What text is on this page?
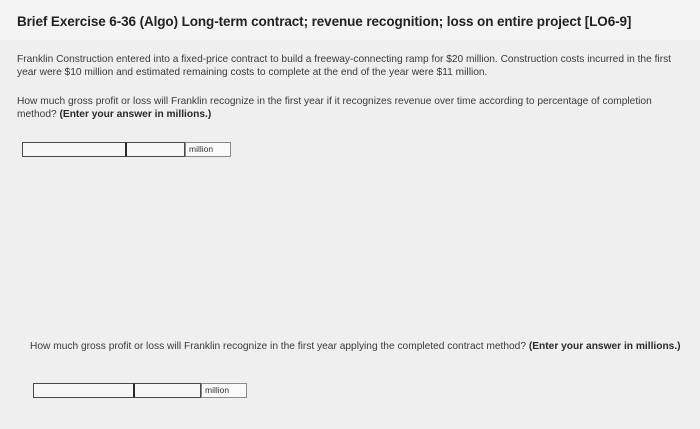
Brief Exercise 6-36 (Algo) Long-term contract; revenue recognition; loss on entire project [LO6-9]
Franklin Construction entered into a fixed-price contract to build a freeway-connecting ramp for $20 million. Construction costs incurred in the first year were $10 million and estimated remaining costs to complete at the end of the year were $11 million.
How much gross profit or loss will Franklin recognize in the first year if it recognizes revenue over time according to percentage of completion method? (Enter your answer in millions.)
million
How much gross profit or loss will Franklin recognize in the first year applying the completed contract method? (Enter your answer in millions.)
million
